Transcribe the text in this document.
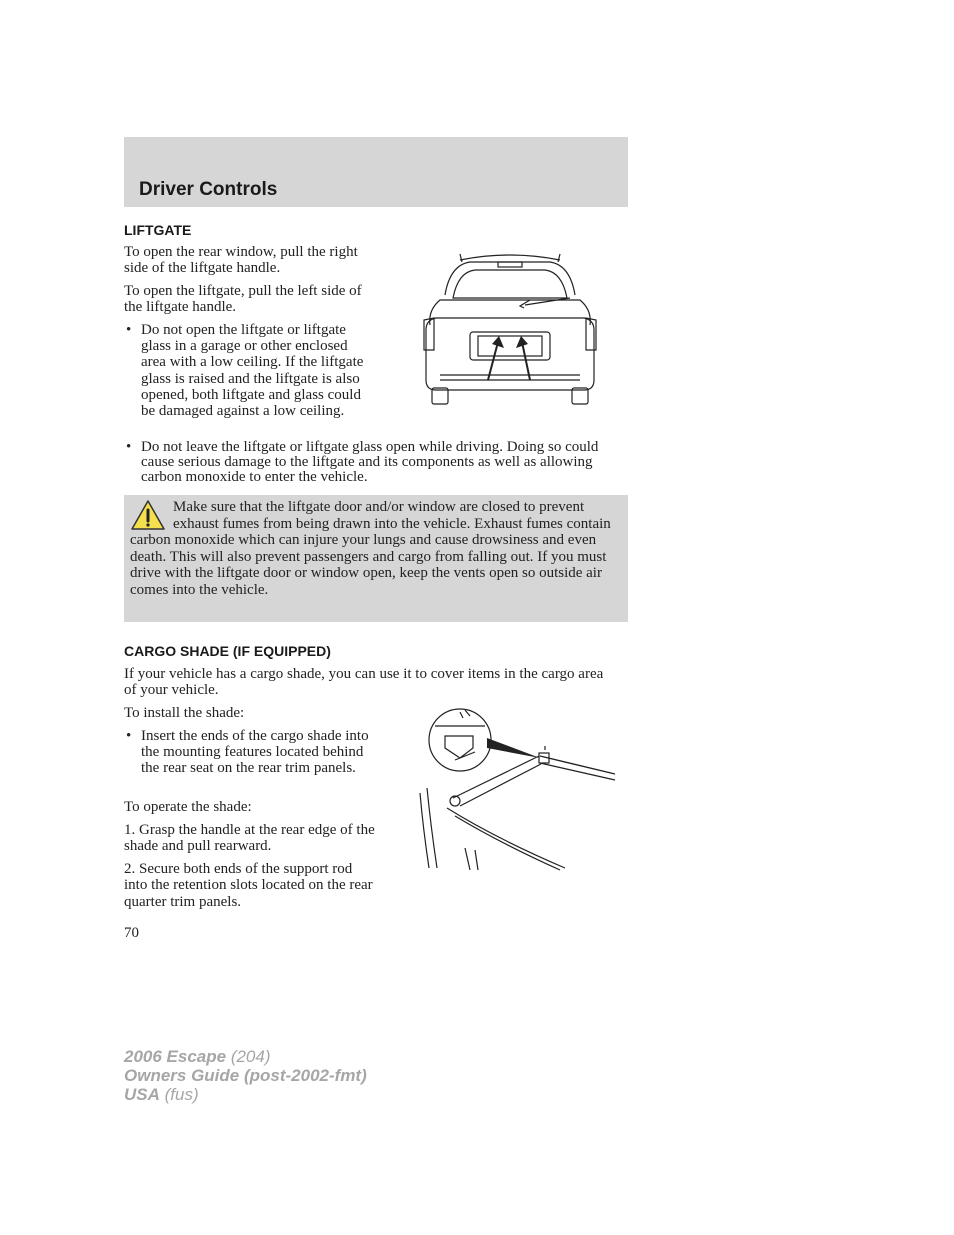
Driver Controls
LIFTGATE

To open the rear window, pull the right side of the liftgate handle.

To open the liftgate, pull the left side of the liftgate handle.

• Do not open the liftgate or liftgate glass in a garage or other enclosed area with a low ceiling. If the liftgate glass is raised and the liftgate is also opened, both liftgate and glass could be damaged against a low ceiling.
• Do not leave the liftgate or liftgate glass open while driving. Doing so could cause serious damage to the liftgate and its components as well as allowing carbon monoxide to enter the vehicle.

Make sure that the liftgate door and/or window are closed to prevent exhaust fumes from being drawn into the vehicle. Exhaust fumes contain carbon monoxide which can injure your lungs and cause drowsiness and even death. This will also prevent passengers and cargo from falling out. If you must drive with the liftgate door or window open, keep the vents open so outside air comes into the vehicle.

CARGO SHADE (IF EQUIPPED)

If your vehicle has a cargo shade, you can use it to cover items in the cargo area of your vehicle.

To install the shade:

• Insert the ends of the cargo shade into the mounting features located behind the rear seat on the rear trim panels.

To operate the shade:

1. Grasp the handle at the rear edge of the shade and pull rearward.

2. Secure both ends of the support rod into the retention slots located on the rear quarter trim panels.

70
2006 Escape (204)
Owners Guide (post-2002-fmt)
USA (fus)
